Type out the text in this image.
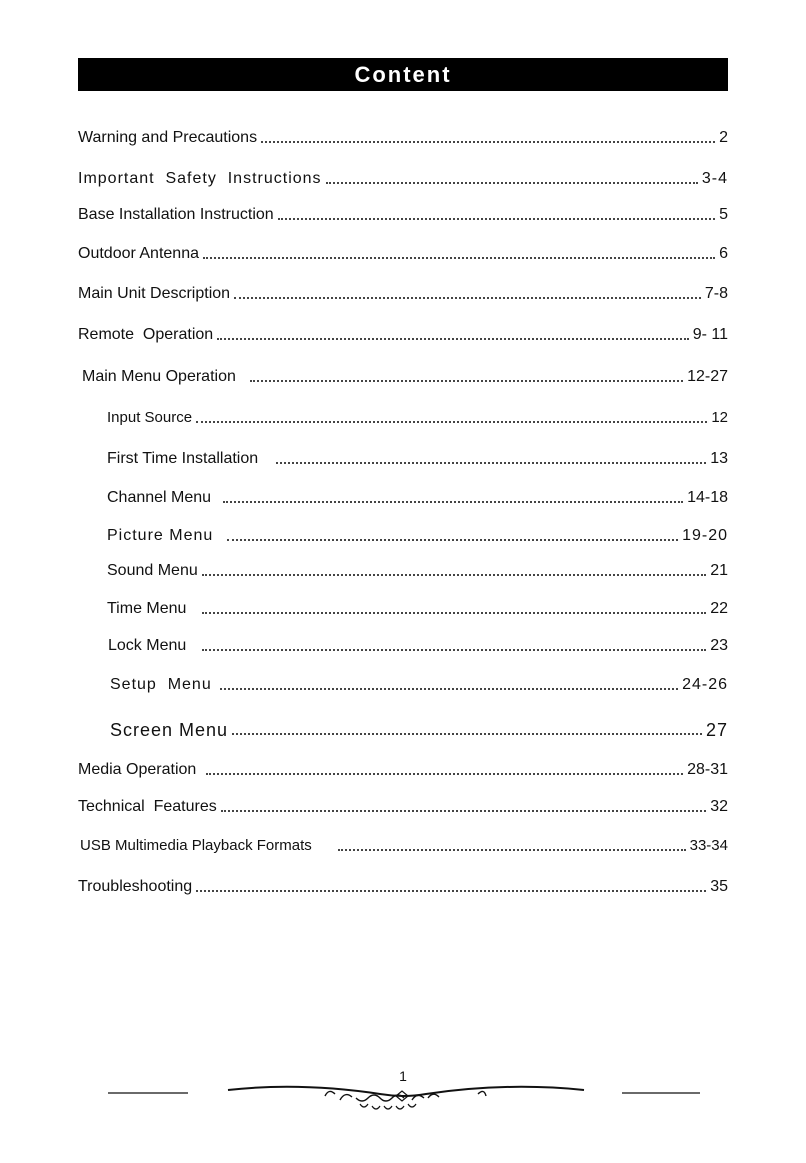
Content
Warning and Precautions	2
Important  Safety  Instructions	3-4
Base Installation Instruction	5
Outdoor Antenna	6
Main Unit Description	7-8
Remote  Operation	9- 11
Main Menu Operation	12-27
Input Source	12
First Time Installation	13
Channel Menu	14-18
Picture Menu	19-20
Sound Menu	21
Time Menu	22
Lock Menu	23
Setup  Menu	24-26
Screen Menu	27
Media Operation	28-31
Technical  Features	32
USB Multimedia Playback Formats	33-34
Troubleshooting	35
1
